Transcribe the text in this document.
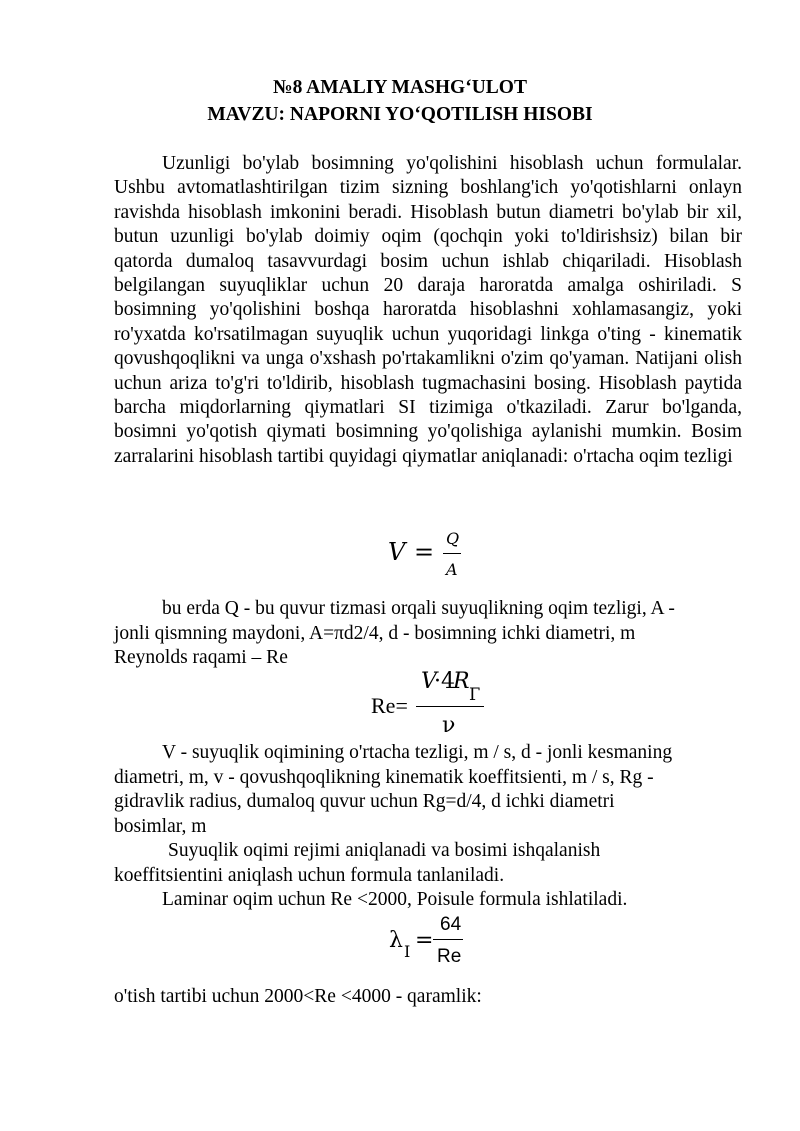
№8 AMALIY MASHG‘ULOT
MAVZU: NAPORNI YO‘QOTILISH HISOBI
Uzunligi bo'ylab bosimning yo'qolishini hisoblash uchun formulalar. Ushbu avtomatlashtirilgan tizim sizning boshlang'ich yo'qotishlarni onlayn ravishda hisoblash imkonini beradi. Hisoblash butun diametri bo'ylab bir xil, butun uzunligi bo'ylab doimiy oqim (qochqin yoki to'ldirishsiz) bilan bir qatorda dumaloq tasavvurdagi bosim uchun ishlab chiqariladi. Hisoblash belgilangan suyuqliklar uchun 20 daraja haroratda amalga oshiriladi. S bosimning yo'qolishini boshqa haroratda hisoblashni xohlamasangiz, yoki ro'yxatda ko'rsatilmagan suyuqlik uchun yuqoridagi linkga o'ting - kinematik qovushqoqlikni va unga o'xshash po'rtakamlikni o'zim qo'yaman. Natijani olish uchun ariza to'g'ri to'ldirib, hisoblash tugmachasini bosing. Hisoblash paytida barcha miqdorlarning qiymatlari SI tizimiga o'tkaziladi. Zarur bo'lganda, bosimni yo'qotish qiymati bosimning yo'qolishiga aylanishi mumkin. Bosim zarralarini hisoblash tartibi quyidagi qiymatlar aniqlanadi: o'rtacha oqim tezligi
V = Q
A
bu erda Q - bu quvur tizmasi orqali suyuqlikning oqim tezligi, A -
jonli qismning maydoni, A=πd2/4, d - bosimning ichki diametri, m
Reynolds raqami – Re
Re=
V
·4
R
Г
ν
V - suyuqlik oqimining o'rtacha tezligi, m / s, d - jonli kesmaning
diametri, m, v - qovushqoqlikning kinematik koeffitsienti, m / s, Rg -
gidravlik radius, dumaloq quvur uchun Rg=d/4, d ichki diametri
bosimlar, m
Suyuqlik oqimi rejimi aniqlanadi va bosimi ishqalanish
koeffitsientini aniqlash uchun formula tanlaniladi.
Laminar oqim uchun Re <2000, Poisule formula ishlatiladi.
λ I =
64
Re
o'tish tartibi uchun 2000<Re <4000 - qaramlik:
